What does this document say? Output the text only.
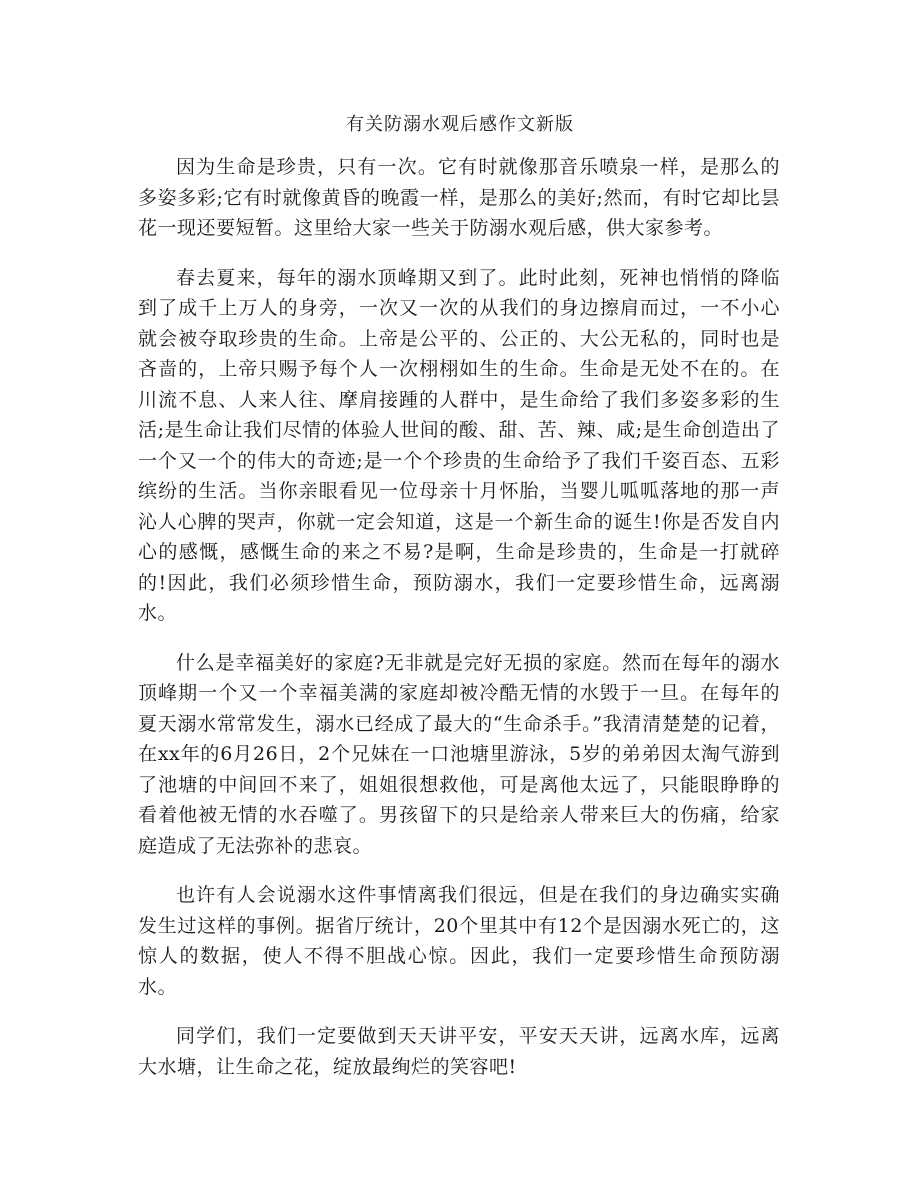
有关防溺水观后感作文新版

因为生命是珍贵，只有一次。它有时就像那音乐喷泉一样，是那么的多姿多彩;它有时就像黄昏的晚霞一样，是那么的美好;然而，有时它却比昙花一现还要短暂。这里给大家一些关于防溺水观后感，供大家参考。

春去夏来，每年的溺水顶峰期又到了。此时此刻，死神也悄悄的降临到了成千上万人的身旁，一次又一次的从我们的身边擦肩而过，一不小心就会被夺取珍贵的生命。上帝是公平的、公正的、大公无私的，同时也是吝啬的，上帝只赐予每个人一次栩栩如生的生命。生命是无处不在的。在川流不息、人来人往、摩肩接踵的人群中，是生命给了我们多姿多彩的生活;是生命让我们尽情的体验人世间的酸、甜、苦、辣、咸;是生命创造出了一个又一个的伟大的奇迹;是一个个珍贵的生命给予了我们千姿百态、五彩缤纷的生活。当你亲眼看见一位母亲十月怀胎，当婴儿呱呱落地的那一声沁人心脾的哭声，你就一定会知道，这是一个新生命的诞生!你是否发自内心的感慨，感慨生命的来之不易?是啊，生命是珍贵的，生命是一打就碎的!因此，我们必须珍惜生命，预防溺水，我们一定要珍惜生命，远离溺水。

什么是幸福美好的家庭?无非就是完好无损的家庭。然而在每年的溺水顶峰期一个又一个幸福美满的家庭却被冷酷无情的水毁于一旦。在每年的夏天溺水常常发生，溺水已经成了最大的“生命杀手。”我清清楚楚的记着，在xx年的6月26日，2个兄妹在一口池塘里游泳，5岁的弟弟因太淘气游到了池塘的中间回不来了，姐姐很想救他，可是离他太远了，只能眼睁睁的看着他被无情的水吞噬了。男孩留下的只是给亲人带来巨大的伤痛，给家庭造成了无法弥补的悲哀。

也许有人会说溺水这件事情离我们很远，但是在我们的身边确实实确发生过这样的事例。据省厅统计，20个里其中有12个是因溺水死亡的，这惊人的数据，使人不得不胆战心惊。因此，我们一定要珍惜生命预防溺水。

同学们，我们一定要做到天天讲平安，平安天天讲，远离水库，远离大水塘，让生命之花，绽放最绚烂的笑容吧!
